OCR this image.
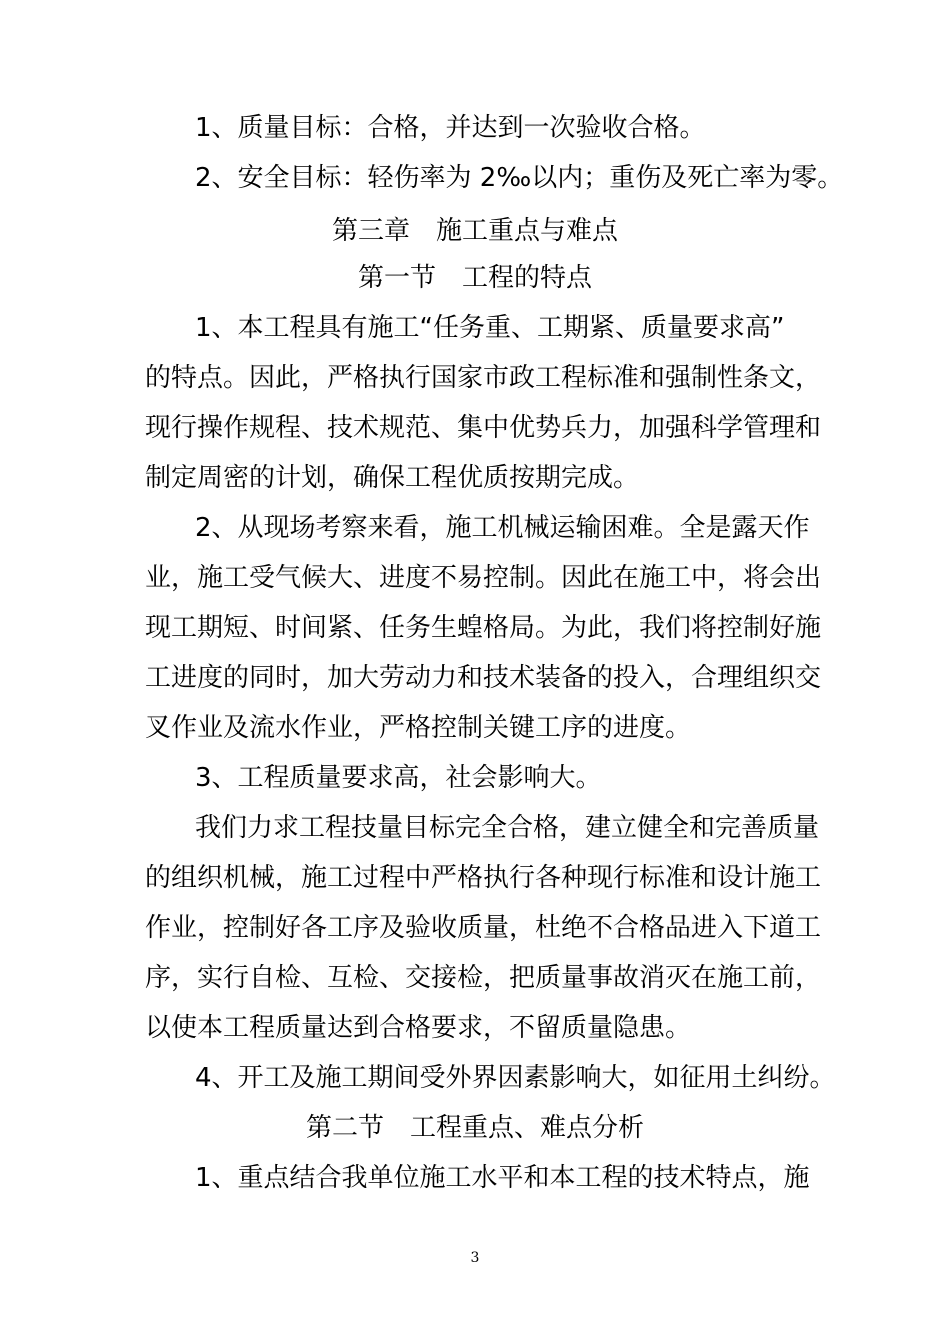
1、质量目标：合格，并达到一次验收合格。
2、安全目标：轻伤率为 2‰以内；重伤及死亡率为零。
第三章　施工重点与难点
第一节　工程的特点
1、本工程具有施工“任务重、工期紧、质量要求高”
的特点。因此，严格执行国家市政工程标准和强制性条文，
现行操作规程、技术规范、集中优势兵力，加强科学管理和
制定周密的计划，确保工程优质按期完成。
2、从现场考察来看，施工机械运输困难。全是露天作
业，施工受气候大、进度不易控制。因此在施工中，将会出
现工期短、时间紧、任务生蝗格局。为此，我们将控制好施
工进度的同时，加大劳动力和技术装备的投入，合理组织交
叉作业及流水作业，严格控制关键工序的进度。
3、工程质量要求高，社会影响大。
我们力求工程技量目标完全合格，建立健全和完善质量
的组织机械，施工过程中严格执行各种现行标准和设计施工
作业，控制好各工序及验收质量，杜绝不合格品进入下道工
序，实行自检、互检、交接检，把质量事故消灭在施工前，
以使本工程质量达到合格要求，不留质量隐患。
4、开工及施工期间受外界因素影响大，如征用土纠纷。
第二节　工程重点、难点分析
1、重点结合我单位施工水平和本工程的技术特点，施
3
